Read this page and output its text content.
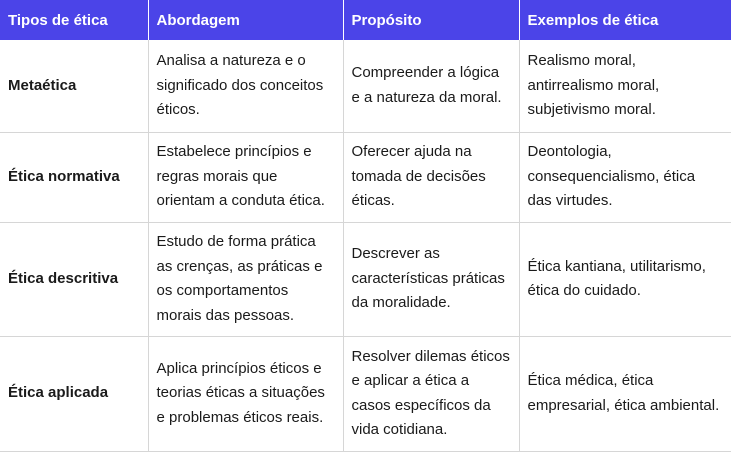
Tipos de ética	Abordagem	Propósito	Exemplos de ética
Metaética	Analisa a natureza e o significado dos conceitos éticos.	Compreender a lógica e a natureza da moral.	Realismo moral, antirrealismo moral, subjetivismo moral.
Ética normativa	Estabelece princípios e regras morais que orientam a conduta ética.	Oferecer ajuda na tomada de decisões éticas.	Deontologia, consequencialismo, ética das virtudes.
Ética descritiva	Estudo de forma prática as crenças, as práticas e os comportamentos morais das pessoas.	Descrever as características práticas da moralidade.	Ética kantiana, utilitarismo, ética do cuidado.
Ética aplicada	Aplica princípios éticos e teorias éticas a situações e problemas éticos reais.	Resolver dilemas éticos e aplicar a ética a casos específicos da vida cotidiana.	Ética médica, ética empresarial, ética ambiental.
